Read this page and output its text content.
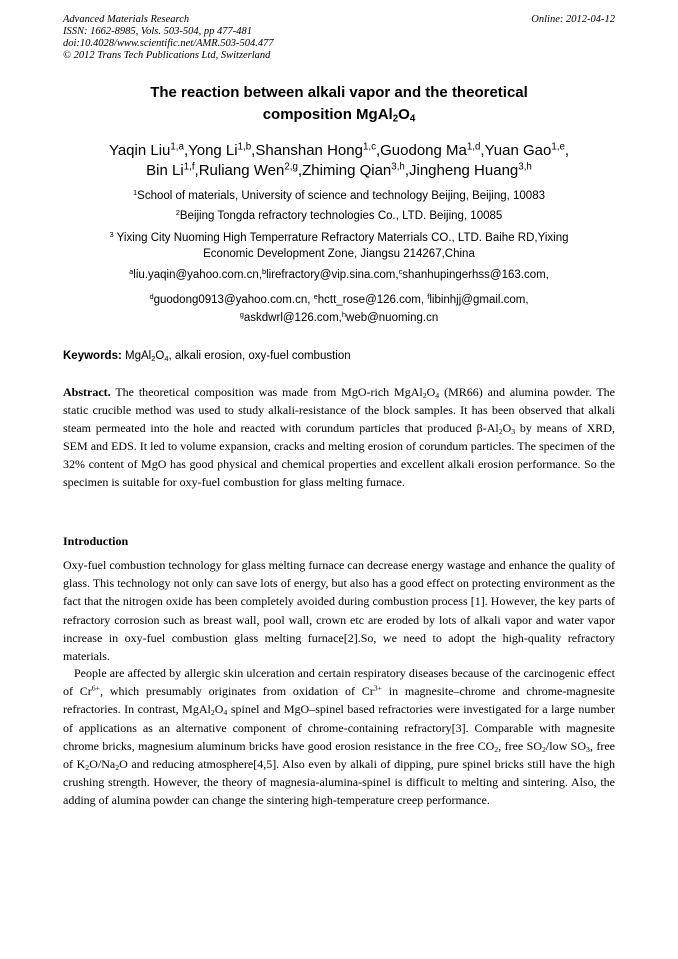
Advanced Materials Research
ISSN: 1662-8985, Vols. 503-504, pp 477-481
doi:10.4028/www.scientific.net/AMR.503-504.477
© 2012 Trans Tech Publications Ltd, Switzerland
Online: 2012-04-12
The reaction between alkali vapor and the theoretical
composition $MgAl_2O_4$
Yaqin Liu$^{1,a}$,Yong Li$^{1,b}$,Shanshan Hong$^{1,c}$,Guodong Ma$^{1,d}$,Yuan Gao$^{1,e}$,
Bin Li$^{1,f}$,Ruliang Wen$^{2,g}$,Zhiming Qian$^{3,h}$,Jingheng Huang$^{3,h}$
$^1$School of materials, University of science and technology Beijing, Beijing, 10083
$^2$Beijing Tongda refractory technologies Co., LTD. Beijing, 10085
$^3$ Yixing City Nuoming High Temperrature Refractory Materrials CO., LTD. Baihe RD,Yixing
Economic Development Zone, Jiangsu 214267,China
$^a$liu.yaqin@yahoo.com.cn,$^b$lirefractory@vip.sina.com,$^c$shanhupingerhss@163.com,
$^d$guodong0913@yahoo.com.cn, $^e$hctt_rose@126.com, $^f$libinhjj@gmail.com,
$^g$askdwrl@126.com,$^h$web@nuoming.cn
Keywords: $MgAl_2O_4$, alkali erosion, oxy-fuel combustion
Abstract. The theoretical composition was made from MgO-rich $MgAl_2O_4$ (MR66) and alumina powder. The static crucible method was used to study alkali-resistance of the block samples. It has been observed that alkali steam permeated into the hole and reacted with corundum particles that produced $\beta-Al_2O_3$ by means of XRD, SEM and EDS. It led to volume expansion, cracks and melting erosion of corundum particles. The specimen of the 32% content of MgO has good physical and chemical properties and excellent alkali erosion performance. So the specimen is suitable for oxy-fuel combustion for glass melting furnace.
Introduction
Oxy-fuel combustion technology for glass melting furnace can decrease energy wastage and enhance the quality of glass. This technology not only can save lots of energy, but also has a good effect on protecting environment as the fact that the nitrogen oxide has been completely avoided during combustion process [1]. However, the key parts of refractory corrosion such as breast wall, pool wall, crown etc are eroded by lots of alkali vapor and water vapor increase in oxy-fuel combustion glass melting furnace[2].So, we need to adopt the high-quality refractory materials.
People are affected by allergic skin ulceration and certain respiratory diseases because of the carcinogenic effect of $Cr^{6+}$, which presumably originates from oxidation of $Cr^{3+}$ in magnesite–chrome and chrome-magnesite refractories. In contrast, $MgAl_2O_4$ spinel and MgO–spinel based refractories were investigated for a large number of applications as an alternative component of chrome-containing refractory[3]. Comparable with magnesite chrome bricks, magnesium aluminum bricks have good erosion resistance in the free $CO_2$, free $SO_2$/low $SO_3$, free of $K_2O/Na_2O$ and reducing atmosphere[4,5]. Also even by alkali of dipping, pure spinel bricks still have the high crushing strength. However, the theory of magnesia-alumina-spinel is difficult to melting and sintering. Also, the adding of alumina powder can change the sintering high-temperature creep performance.
